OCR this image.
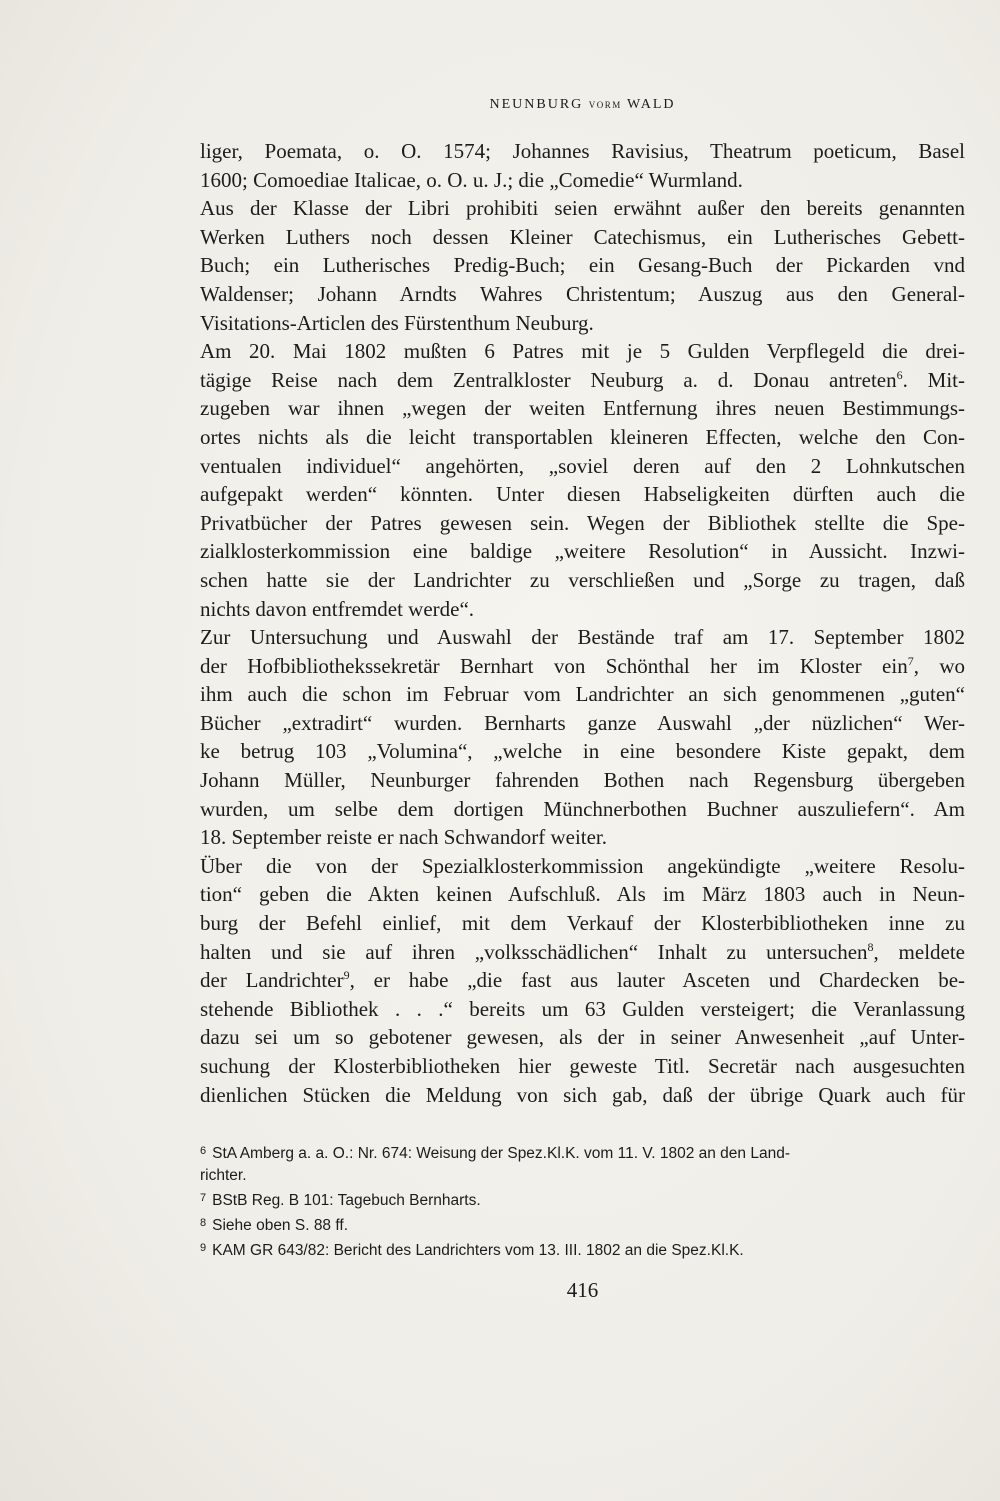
NEUNBURG VORM WALD
liger, Poemata, o. O. 1574; Johannes Ravisius, Theatrum poeticum, Basel
1600; Comoediae Italicae, o. O. u. J.; die „Comedie“ Wurmland.
Aus der Klasse der Libri prohibiti seien erwähnt außer den bereits genannten
Werken Luthers noch dessen Kleiner Catechismus, ein Lutherisches Gebett-
Buch; ein Lutherisches Predig-Buch; ein Gesang-Buch der Pickarden vnd
Waldenser; Johann Arndts Wahres Christentum; Auszug aus den General-
Visitations-Articlen des Fürstenthum Neuburg.
Am 20. Mai 1802 mußten 6 Patres mit je 5 Gulden Verpflegeld die drei-
tägige Reise nach dem Zentralkloster Neuburg a. d. Donau antreten$^6$. Mit-
zugeben war ihnen „wegen der weiten Entfernung ihres neuen Bestimmungs-
ortes nichts als die leicht transportablen kleineren Effecten, welche den Con-
ventualen individuel“ angehörten, „soviel deren auf den 2 Lohnkutschen
aufgepakt werden“ könnten. Unter diesen Habseligkeiten dürften auch die
Privatbücher der Patres gewesen sein. Wegen der Bibliothek stellte die Spe-
zialklosterkommission eine baldige „weitere Resolution“ in Aussicht. Inzwi-
schen hatte sie der Landrichter zu verschließen und „Sorge zu tragen, daß
nichts davon entfremdet werde“.
Zur Untersuchung und Auswahl der Bestände traf am 17. September 1802
der Hofbibliothekssekretär Bernhart von Schönthal her im Kloster ein$^7$, wo
ihm auch die schon im Februar vom Landrichter an sich genommenen „guten“
Bücher „extradirt“ wurden. Bernharts ganze Auswahl „der nüzlichen“ Wer-
ke betrug 103 „Volumina“, „welche in eine besondere Kiste gepakt, dem
Johann Müller, Neunburger fahrenden Bothen nach Regensburg übergeben
wurden, um selbe dem dortigen Münchnerbothen Buchner auszuliefern“. Am
18. September reiste er nach Schwandorf weiter.
Über die von der Spezialklosterkommission angekündigte „weitere Resolu-
tion“ geben die Akten keinen Aufschluß. Als im März 1803 auch in Neun-
burg der Befehl einlief, mit dem Verkauf der Klosterbibliotheken inne zu
halten und sie auf ihren „volksschädlichen“ Inhalt zu untersuchen$^8$, meldete
der Landrichter$^9$, er habe „die fast aus lauter Asceten und Chardecken be-
stehende Bibliothek . . .“ bereits um 63 Gulden versteigert; die Veranlassung
dazu sei um so gebotener gewesen, als der in seiner Anwesenheit „auf Unter-
suchung der Klosterbibliotheken hier geweste Titl. Secretär nach ausgesuchten
dienlichen Stücken die Meldung von sich gab, daß der übrige Quark auch für

$^6$ StA Amberg a. a. O.: Nr. 674: Weisung der Spez.Kl.K. vom 11. V. 1802 an den Land-
richter.

$^7$ BStB Reg. B 101: Tagebuch Bernharts.

$^8$ Siehe oben S. 88 ff.

$^9$ KAM GR 643/82: Bericht des Landrichters vom 13. III. 1802 an die Spez.Kl.K.

416
